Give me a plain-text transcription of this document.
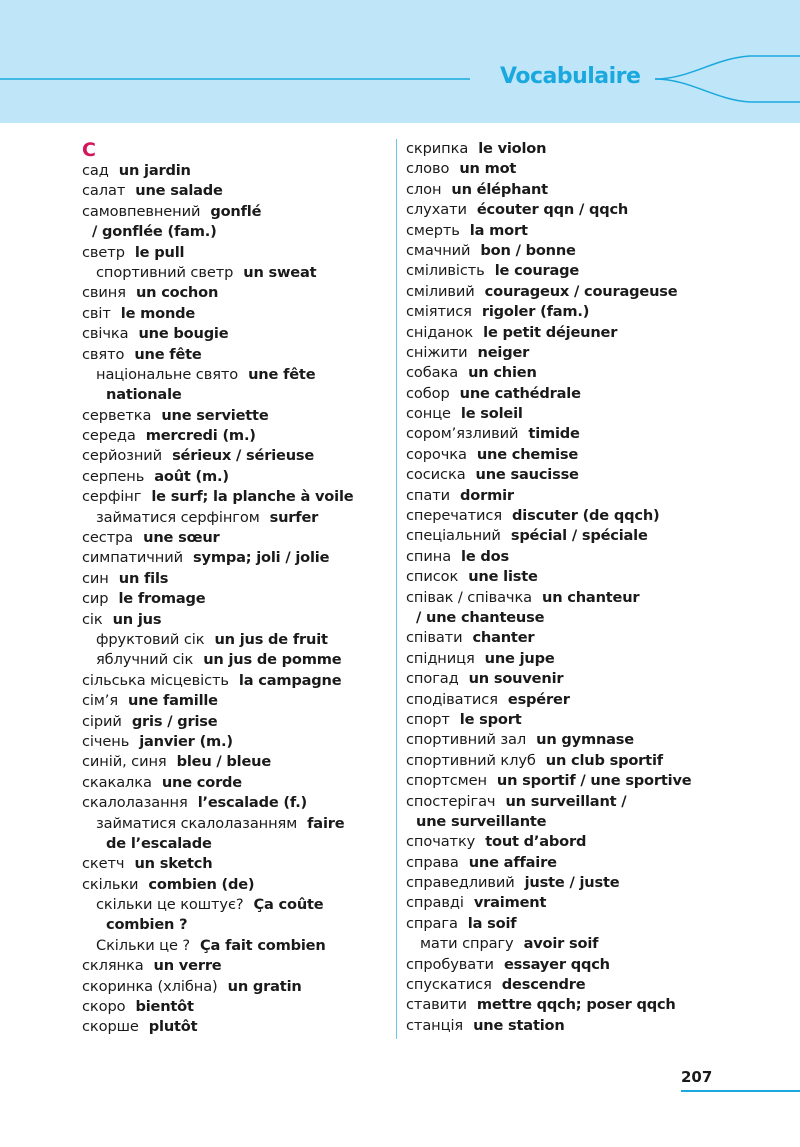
Vocabulaire
С
сад un jardin
салат une salade
самовпевнений gonflé
/ gonflée (fam.)
светр le pull
спортивний светр un sweat
свиня un cochon
світ le monde
свічка une bougie
свято une fête
національне свято une fête
nationale
серветка une serviette
середа mercredi (m.)
серйозний sérieux / sérieuse
серпень août (m.)
серфінг le surf; la planche à voile
займатися серфінгом surfer
сестра une sœur
симпатичний sympa; joli / jolie
син un fils
сир le fromage
сік un jus
фруктовий сік un jus de fruit
яблучний сік un jus de pomme
сільська місцевість la campagne
сім’я une famille
сірий gris / grise
січень janvier (m.)
синій, синя bleu / bleue
скакалка une corde
скалолазання l’escalade (f.)
займатися скалолазанням faire
de l’escalade
скетч un sketch
скільки combien (de)
скільки це коштує? Ça coûte
combien ?
Скільки це ? Ça fait combien
склянка un verre
скоринка (хлібна) un gratin
скоро bientôt
скорше plutôt
скрипка le violon
слово un mot
слон un éléphant
слухати écouter qqn / qqch
смерть la mort
смачний bon / bonne
сміливість le courage
сміливий courageux / courageuse
сміятися rigoler (fam.)
сніданок le petit déjeuner
сніжити neiger
собака un chien
собор une cathédrale
сонце le soleil
сором’язливий timide
сорочка une chemise
сосиска une saucisse
спати dormir
сперечатися discuter (de qqch)
спеціальний spécial / spéciale
спина le dos
список une liste
співак / співачка un chanteur
/ une chanteuse
співати chanter
спідниця une jupe
спогад un souvenir
сподіватися espérer
спорт le sport
спортивний зал un gymnase
спортивний клуб un club sportif
спортсмен un sportif / une sportive
спостерігач un surveillant /
une surveillante
спочатку tout d’abord
справа une affaire
справедливий juste / juste
справді vraiment
спрага la soif
мати спрагу avoir soif
спробувати essayer qqch
спускатися descendre
ставити mettre qqch; poser qqch
станція une station
207
